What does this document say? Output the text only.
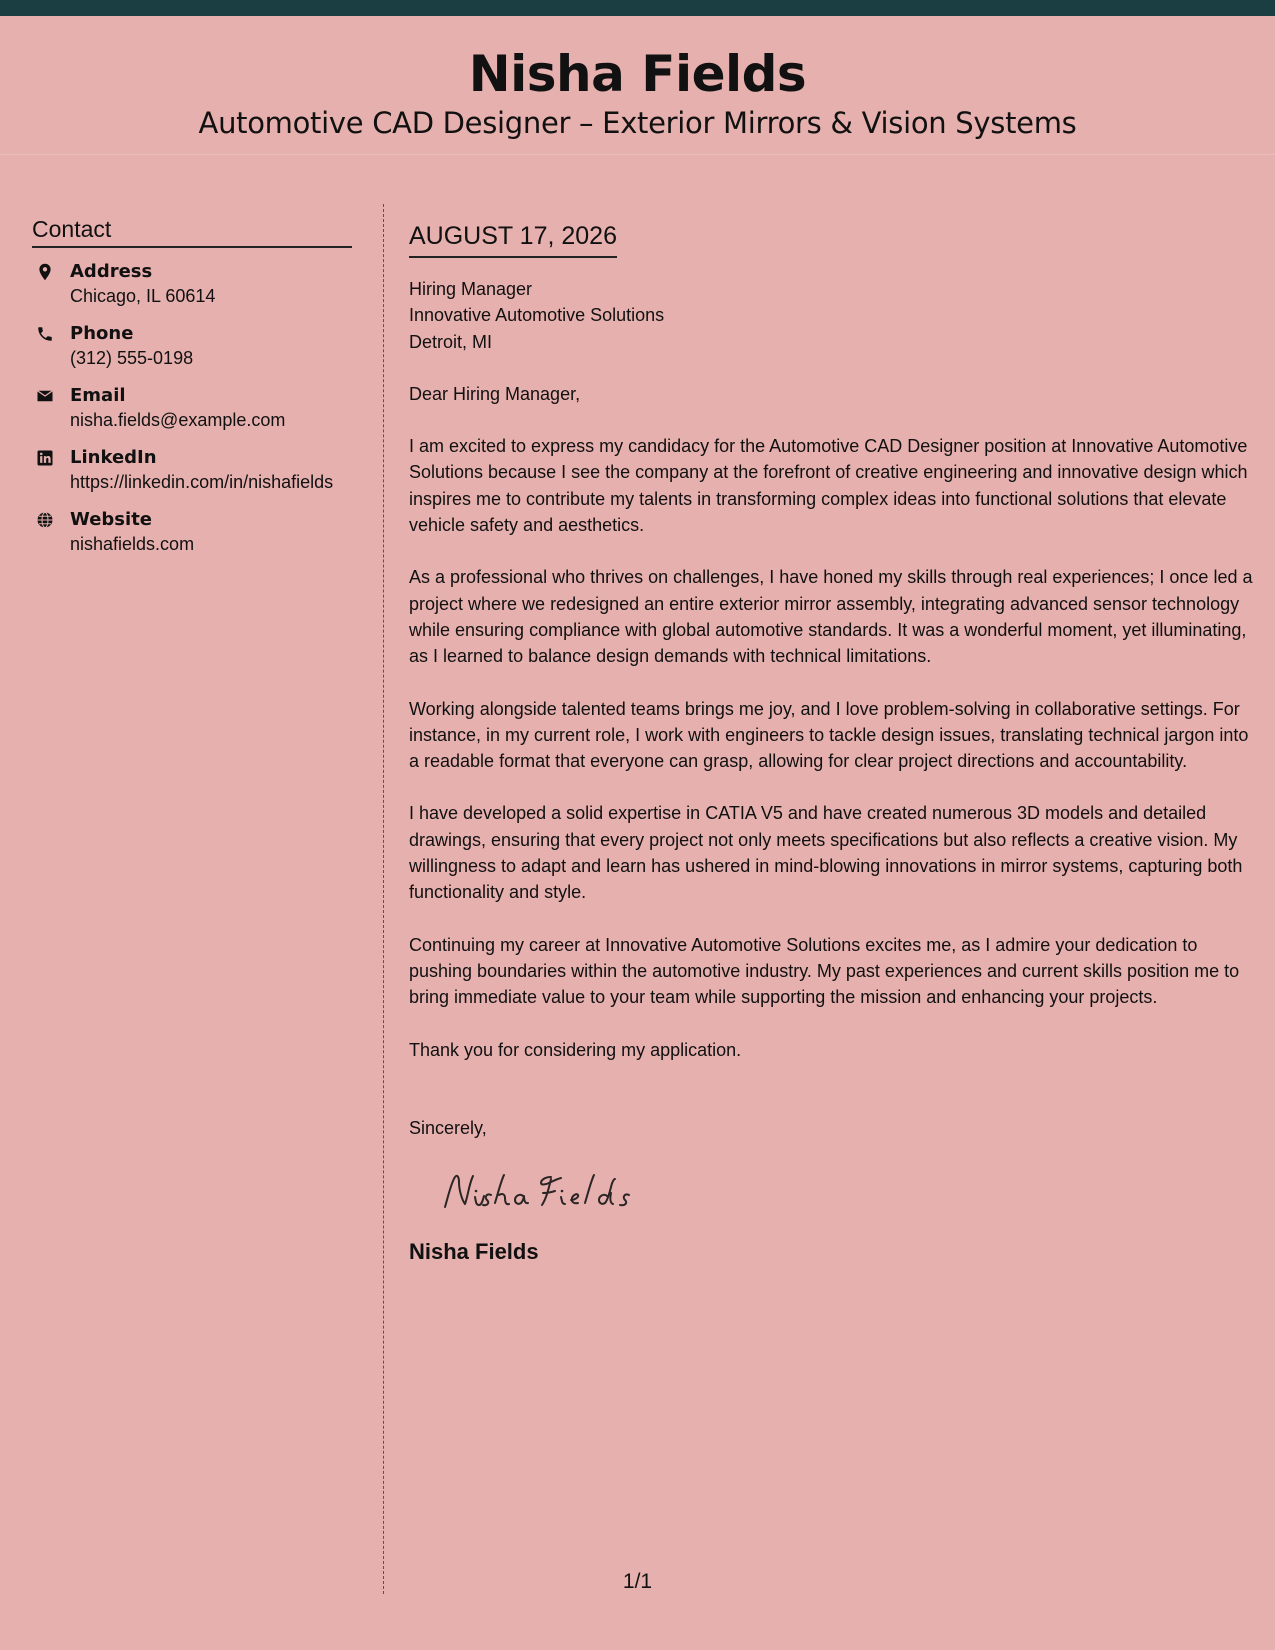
Nisha Fields
Automotive CAD Designer – Exterior Mirrors & Vision Systems
Contact
Address
Chicago, IL 60614
Phone
(312) 555-0198
Email
nisha.fields@example.com
LinkedIn
https://linkedin.com/in/nishafields
Website
nishafields.com
AUGUST 17, 2026
Hiring Manager
Innovative Automotive Solutions
Detroit, MI
Dear Hiring Manager,
I am excited to express my candidacy for the Automotive CAD Designer position at Innovative Automotive Solutions because I see the company at the forefront of creative engineering and innovative design which inspires me to contribute my talents in transforming complex ideas into functional solutions that elevate vehicle safety and aesthetics.
As a professional who thrives on challenges, I have honed my skills through real experiences; I once led a project where we redesigned an entire exterior mirror assembly, integrating advanced sensor technology while ensuring compliance with global automotive standards. It was a wonderful moment, yet illuminating, as I learned to balance design demands with technical limitations.
Working alongside talented teams brings me joy, and I love problem-solving in collaborative settings. For instance, in my current role, I work with engineers to tackle design issues, translating technical jargon into a readable format that everyone can grasp, allowing for clear project directions and accountability.
I have developed a solid expertise in CATIA V5 and have created numerous 3D models and detailed drawings, ensuring that every project not only meets specifications but also reflects a creative vision. My willingness to adapt and learn has ushered in mind-blowing innovations in mirror systems, capturing both functionality and style.
Continuing my career at Innovative Automotive Solutions excites me, as I admire your dedication to pushing boundaries within the automotive industry. My past experiences and current skills position me to bring immediate value to your team while supporting the mission and enhancing your projects.
Thank you for considering my application.
Sincerely,
Nisha Fields
1/1
